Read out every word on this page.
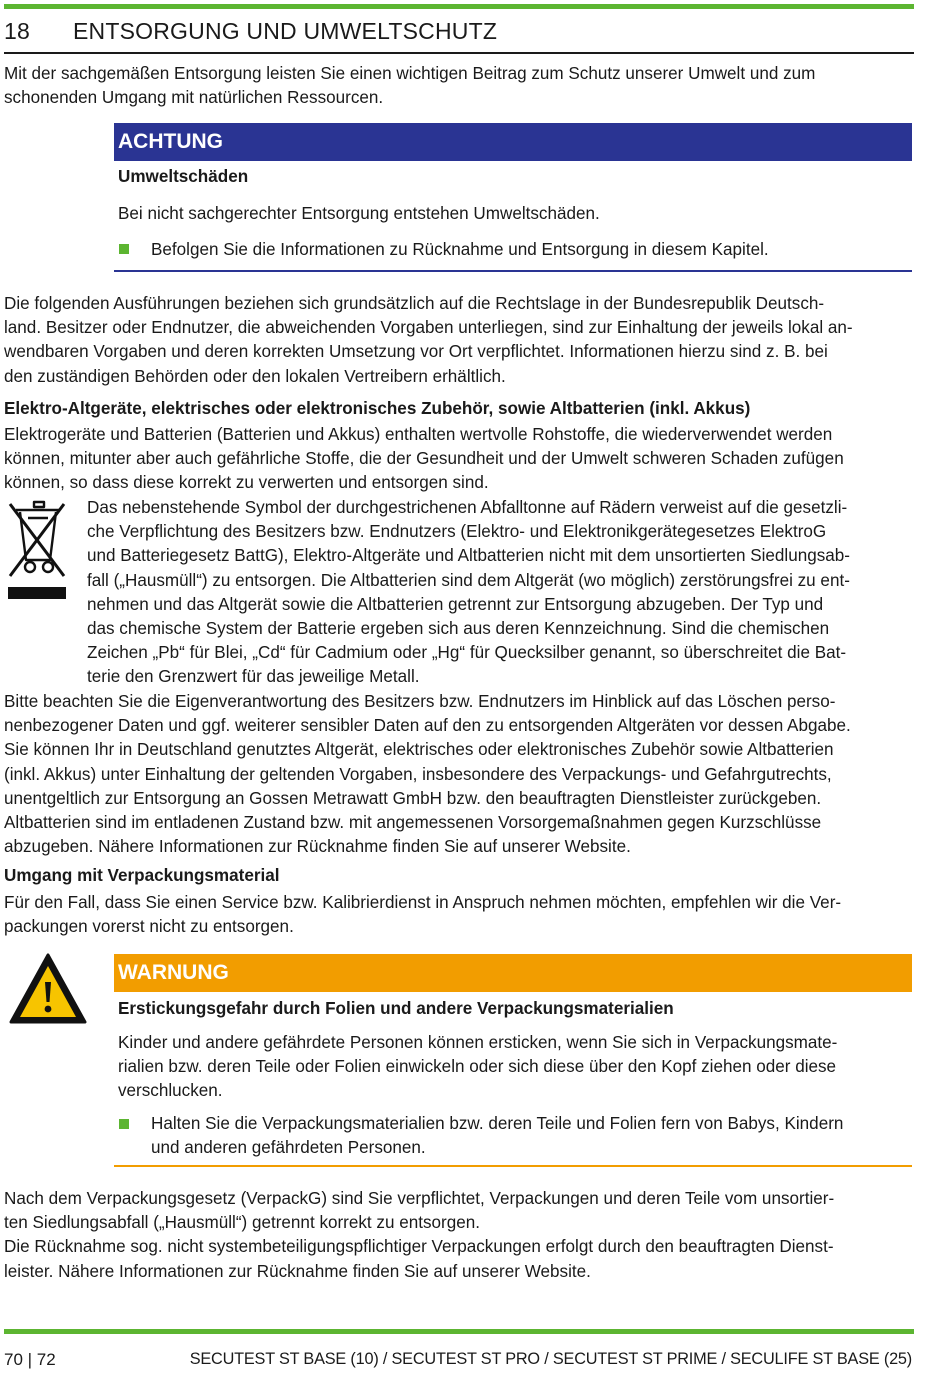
18 ENTSORGUNG UND UMWELTSCHUTZ

Mit der sachgemäßen Entsorgung leisten Sie einen wichtigen Beitrag zum Schutz unserer Umwelt und zum

schonenden Umgang mit natürlichen Ressourcen.

ACHTUNG
Umweltschäden
Bei nicht sachgerechter Entsorgung entstehen Umweltschäden.
Befolgen Sie die Informationen zu Rücknahme und Entsorgung in diesem Kapitel.

Die folgenden Ausführungen beziehen sich grundsätzlich auf die Rechtslage in der Bundesrepublik Deutsch-

land. Besitzer oder Endnutzer, die abweichenden Vorgaben unterliegen, sind zur Einhaltung der jeweils lokal an-

wendbaren Vorgaben und deren korrekten Umsetzung vor Ort verpflichtet. Informationen hierzu sind z. B. bei

den zuständigen Behörden oder den lokalen Vertreibern erhältlich.

Elektro-Altgeräte, elektrisches oder elektronisches Zubehör, sowie Altbatterien (inkl. Akkus)

Elektrogeräte und Batterien (Batterien und Akkus) enthalten wertvolle Rohstoffe, die wiederverwendet werden

können, mitunter aber auch gefährliche Stoffe, die der Gesundheit und der Umwelt schweren Schaden zufügen

können, so dass diese korrekt zu verwerten und entsorgen sind.

Das nebenstehende Symbol der durchgestrichenen Abfalltonne auf Rädern verweist auf die gesetzli-

che Verpflichtung des Besitzers bzw. Endnutzers (Elektro- und Elektronikgerätegesetzes ElektroG

und Batteriegesetz BattG), Elektro-Altgeräte und Altbatterien nicht mit dem unsortierten Siedlungsab-

fall („Hausmüll“) zu entsorgen. Die Altbatterien sind dem Altgerät (wo möglich) zerstörungsfrei zu ent-

nehmen und das Altgerät sowie die Altbatterien getrennt zur Entsorgung abzugeben. Der Typ und

das chemische System der Batterie ergeben sich aus deren Kennzeichnung. Sind die chemischen

Zeichen „Pb“ für Blei, „Cd“ für Cadmium oder „Hg“ für Quecksilber genannt, so überschreitet die Bat-

terie den Grenzwert für das jeweilige Metall.

Bitte beachten Sie die Eigenverantwortung des Besitzers bzw. Endnutzers im Hinblick auf das Löschen perso-

nenbezogener Daten und ggf. weiterer sensibler Daten auf den zu entsorgenden Altgeräten vor dessen Abgabe.

Sie können Ihr in Deutschland genutztes Altgerät, elektrisches oder elektronisches Zubehör sowie Altbatterien

(inkl. Akkus) unter Einhaltung der geltenden Vorgaben, insbesondere des Verpackungs- und Gefahrgutrechts,

unentgeltlich zur Entsorgung an Gossen Metrawatt GmbH bzw. den beauftragten Dienstleister zurückgeben.

Altbatterien sind im entladenen Zustand bzw. mit angemessenen Vorsorgemaßnahmen gegen Kurzschlüsse

abzugeben. Nähere Informationen zur Rücknahme finden Sie auf unserer Website.

Umgang mit Verpackungsmaterial

Für den Fall, dass Sie einen Service bzw. Kalibrierdienst in Anspruch nehmen möchten, empfehlen wir die Ver-

packungen vorerst nicht zu entsorgen.

WARNUNG
Erstickungsgefahr durch Folien und andere Verpackungsmaterialien

Kinder und andere gefährdete Personen können ersticken, wenn Sie sich in Verpackungsmate-

rialien bzw. deren Teile oder Folien einwickeln oder sich diese über den Kopf ziehen oder diese

verschlucken.

Halten Sie die Verpackungsmaterialien bzw. deren Teile und Folien fern von Babys, Kindern

und anderen gefährdeten Personen.

Nach dem Verpackungsgesetz (VerpackG) sind Sie verpflichtet, Verpackungen und deren Teile vom unsortier-

ten Siedlungsabfall („Hausmüll“) getrennt korrekt zu entsorgen.

Die Rücknahme sog. nicht systembeteiligungspflichtiger Verpackungen erfolgt durch den beauftragten Dienst-

leister. Nähere Informationen zur Rücknahme finden Sie auf unserer Website.

70 | 72	SECUTEST ST BASE (10) / SECUTEST ST PRO / SECUTEST ST PRIME / SECULIFE ST BASE (25)
